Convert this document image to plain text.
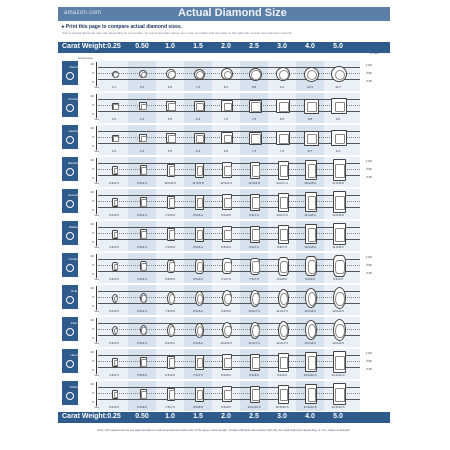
amazon.com	Actual Diamond Size
▸ Print this page to compare actual diamond sizes.
Size of printed diamonds may vary depending on your printer. To ensure accurate sizing, use a ruler to confirm that the scale on the right side of each row measures correctly.
Carat Weight: 0.25	0.50	1.0	1.5	2.0	2.5	3.0	4.0	5.0
Actual size
inches
Round
10
5
0
4.1	5.2	6.5	7.4	8.2	8.8	9.4	10.3	11.1
mm
1.00
0.50
0.25
Princess
10
5
0
3.5	4.4	5.5	6.3	7.0	7.5	8.0	8.8	9.5
mm
Asscher
10
5
0
3.4	4.3	5.5	6.3	6.9	7.4	7.9	8.7	9.4
mm
Marquise
10
5
0
6.5x3.3	8.0x4.0	10.0x5.0	11.5x5.8	12.5x6.3	13.5x6.8	14.5x7.3	16.0x8.0	17.0x8.5
mm
1.00
0.50
0.25
Emerald
10
5
0
5.0x3.5	6.0x4.0	7.0x5.0	8.0x6.0	9.0x6.5	9.5x7.0	10.0x7.5	11.0x8.0	12.0x8.5
mm
Radiant
10
5
0
4.5x3.5	5.5x4.5	7.0x5.0	8.0x6.0	8.5x6.5	9.0x7.0	9.5x7.5	10.5x8.0	11.0x8.5
mm
Cushion
10
5
0
3.5x3.5	4.5x4.5	5.5x5.5	6.5x6.5	7.0x7.0	7.5x7.5	8.0x8.0	9.0x9.0	9.5x9.5
mm
1.00
0.50
0.25
Oval
10
5
0
5.0x3.5	6.0x4.0	7.5x5.0	8.5x6.0	9.5x6.5	10.0x7.0	11.0x7.5	12.0x8.0	13.0x8.5
mm
Pear
10
5
0
5.5x3.5	6.5x4.5	8.0x5.0	9.0x6.0	10.0x6.5	11.0x7.0	12.0x7.5	13.0x8.0	14.0x8.5
mm
Heart
10
5
0
4.5x4.5	5.5x5.5	6.5x6.5	7.5x7.5	8.0x8.0	8.5x8.5	9.0x9.0	10.0x10.0	11.0x11.0
mm
1.00
0.50
0.25
Trillion
10
5
0
5.0x5.0	6.0x6.0	7.5x7.5	8.5x8.5	9.5x9.5	10.0x10.0	10.5x10.5	11.5x11.5	12.5x12.5
mm
Carat Weight: 0.25	0.50	1.0	1.5	2.0	2.5	3.0	4.0	5.0
Note: All measurements are approximate for well-proportioned diamonds of the given carat weight. Actual millimeter dimensions will vary for each diamond depending on cut, shape and depth.
